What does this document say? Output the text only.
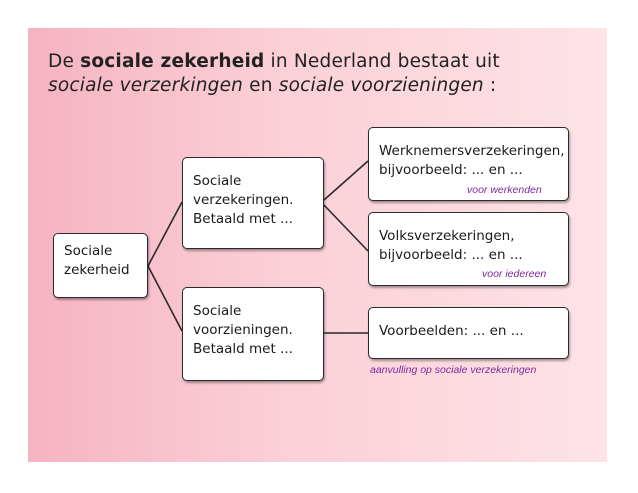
De sociale zekerheid in Nederland bestaat uit
sociale verzerkingen en sociale voorzieningen :
Sociale
zekerheid
Sociale
verzekeringen.
Betaald met ...
Sociale
voorzieningen.
Betaald met ...
Werknemersverzekeringen,
bijvoorbeeld: ... en ...
Volksverzekeringen,
bijvoorbeeld: ... en ...
Voorbeelden: ... en ...
voor werkenden
voor iedereen
aanvulling op sociale verzekeringen
